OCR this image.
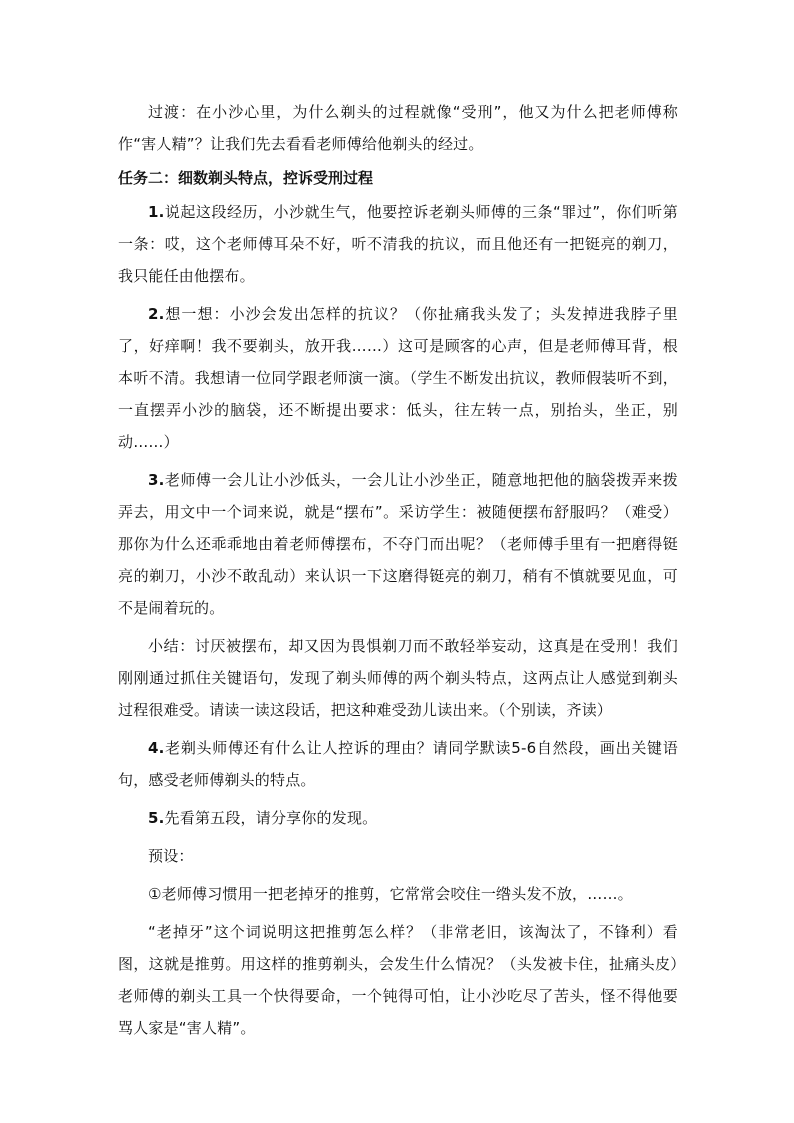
过渡：在小沙心里，为什么剃头的过程就像“受刑”，他又为什么把老师傅称作“害人精”？让我们先去看看老师傅给他剃头的经过。

任务二：细数剃头特点，控诉受刑过程

1.说起这段经历，小沙就生气，他要控诉老剃头师傅的三条“罪过”，你们听第一条：哎，这个老师傅耳朵不好，听不清我的抗议，而且他还有一把铤亮的剃刀，我只能任由他摆布。

2.想一想：小沙会发出怎样的抗议？（你扯痛我头发了；头发掉进我脖子里了，好痒啊！我不要剃头，放开我……）这可是顾客的心声，但是老师傅耳背，根本听不清。我想请一位同学跟老师演一演。（学生不断发出抗议，教师假装听不到，一直摆弄小沙的脑袋，还不断提出要求：低头，往左转一点，别抬头，坐正，别动……）

3.老师傅一会儿让小沙低头，一会儿让小沙坐正，随意地把他的脑袋拨弄来拨弄去，用文中一个词来说，就是“摆布”。采访学生：被随便摆布舒服吗？（难受）那你为什么还乖乖地由着老师傅摆布，不夺门而出呢？（老师傅手里有一把磨得铤亮的剃刀，小沙不敢乱动）来认识一下这磨得铤亮的剃刀，稍有不慎就要见血，可不是闹着玩的。

小结：讨厌被摆布，却又因为畏惧剃刀而不敢轻举妄动，这真是在受刑！我们刚刚通过抓住关键语句，发现了剃头师傅的两个剃头特点，这两点让人感觉到剃头过程很难受。请读一读这段话，把这种难受劲儿读出来。（个别读，齐读）

4.老剃头师傅还有什么让人控诉的理由？请同学默读5-6自然段，画出关键语句，感受老师傅剃头的特点。

5.先看第五段，请分享你的发现。

预设：

①老师傅习惯用一把老掉牙的推剪，它常常会咬住一绺头发不放，……。

“老掉牙”这个词说明这把推剪怎么样？（非常老旧，该淘汰了，不锋利）看图，这就是推剪。用这样的推剪剃头，会发生什么情况？（头发被卡住，扯痛头皮）老师傅的剃头工具一个快得要命，一个钝得可怕，让小沙吃尽了苦头，怪不得他要骂人家是“害人精”。
